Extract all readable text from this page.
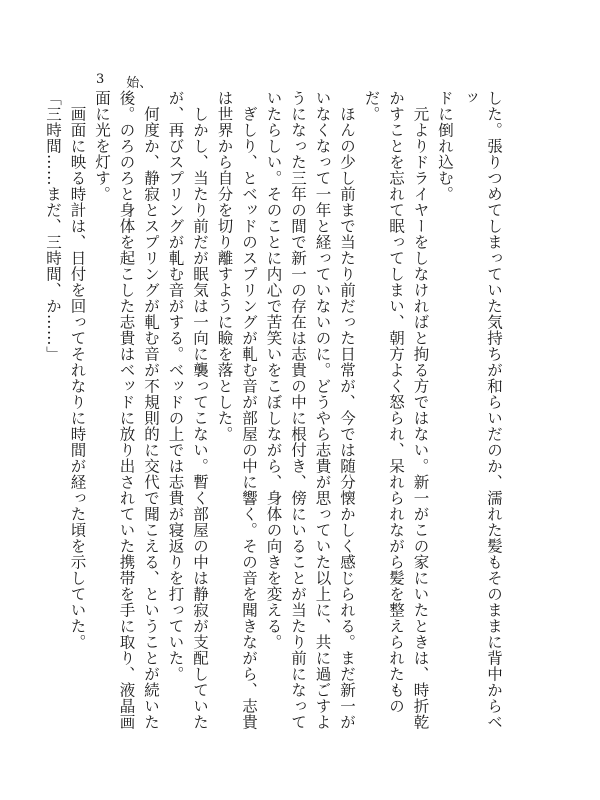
3 始、

した。張りつめてしまっていた気持ちが和らいだのか、濡れた髪もそのままに背中からベッ

ドに倒れ込む。

　元よりドライヤーをしなければと拘る方ではない。新一がこの家にいたときは、時折乾

かすことを忘れて眠ってしまい、朝方よく怒られ、呆れられながら髪を整えられたものだ。

　ほんの少し前まで当たり前だった日常が、今では随分懐かしく感じられる。まだ新一が

いなくなって一年と経っていないのに。どうやら志貴が思っていた以上に、共に過ごすよ

うになった三年の間で新一の存在は志貴の中に根付き、傍にいることが当たり前になって

いたらしい。そのことに内心で苦笑いをこぼしながら、身体の向きを変える。

　ぎしり、とベッドのスプリングが軋む音が部屋の中に響く。その音を聞きながら、志貴

は世界から自分を切り離すように瞼を落とした。

　しかし、当たり前だが眠気は一向に襲ってこない。暫く部屋の中は静寂が支配していた

が、再びスプリングが軋む音がする。ベッドの上では志貴が寝返りを打っていた。

　何度か、静寂とスプリングが軋む音が不規則的に交代で聞こえる、ということが続いた

後。のろのろと身体を起こした志貴はベッドに放り出されていた携帯を手に取り、液晶画

面に光を灯す。

　画面に映る時計は、日付を回ってそれなりに時間が経った頃を示していた。

「三時間……まだ、三時間、か……」
